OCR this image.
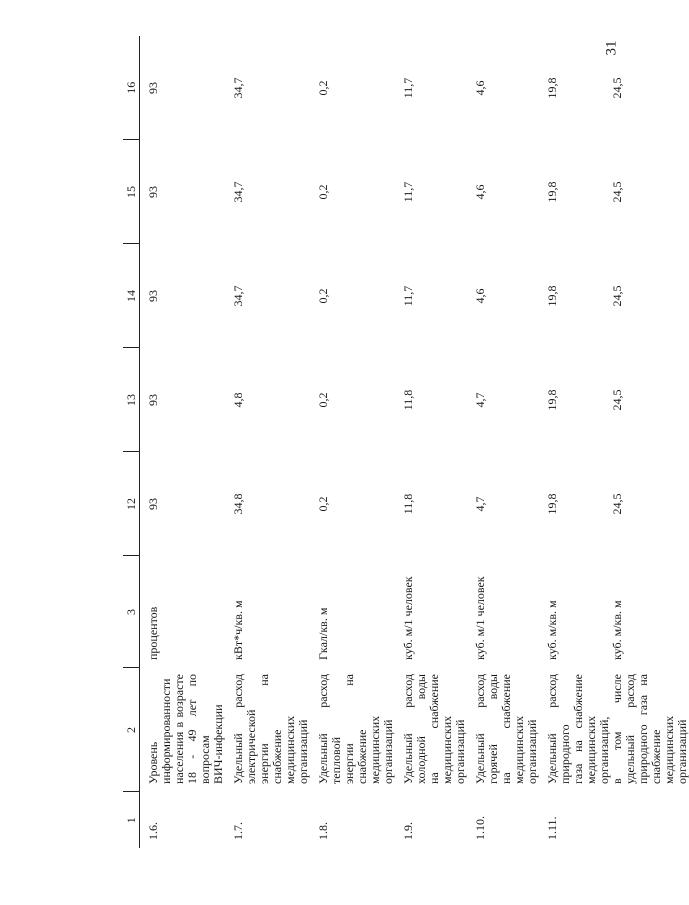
31
1	2	3	12	13	14	15	16
1.6.	Уровень информированности населения в возрасте 18 - 49 лет по вопросам ВИЧ-инфекции	процентов	93	93	93	93	93
1.7.	Удельный расход электрической энергии на снабжение медицинских организаций	кВт*ч/кв. м	34,8	4,8	34,7	34,7	34,7
1.8.	Удельный расход тепловой энергии на снабжение медицинских организаций	Гкал/кв. м	0,2	0,2	0,2	0,2	0,2
1.9.	Удельный расход холодной воды на снабжение медицинских организаций	куб. м/1 человек	11,8	11,8	11,7	11,7	11,7
1.10.	Удельный расход горячей воды на снабжение медицинских организаций	куб. м/1 человек	4,7	4,7	4,6	4,6	4,6
1.11.	Удельный расход природного газа на снабжение медицинских организаций,	куб. м/кв. м	19,8	19,8	19,8	19,8	19,8

	в том числе удельный расход природного газа на снабжение медицинских организаций	куб. м/кв. м	24,5	24,5	24,5	24,5	24,5
